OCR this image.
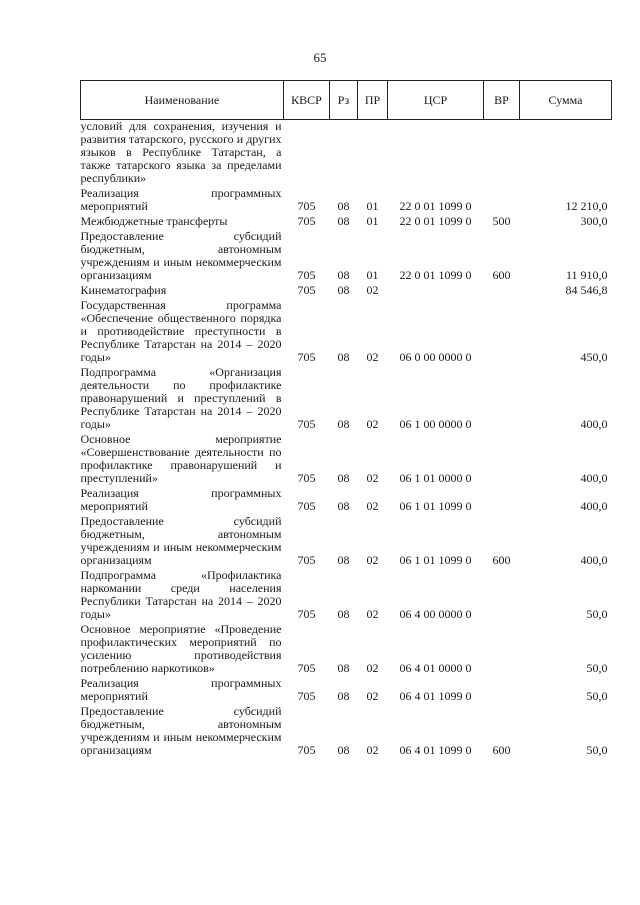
65
Наименование	КВСР	Рз	ПР	ЦСР	ВР	Сумма
условий для сохранения, изучения и развития татарского, русского и других языков в Республике Татарстан, а также татарского языка за пределами республики»						
Реализация программных мероприятий	705	08	01	22 0 01 1099 0		12 210,0
Межбюджетные трансферты	705	08	01	22 0 01 1099 0	500	300,0
Предоставление субсидий бюджетным, автономным учреждениям и иным некоммерческим организациям	705	08	01	22 0 01 1099 0	600	11 910,0
Кинематография	705	08	02			84 546,8
Государственная программа «Обеспечение общественного порядка и противодействие преступности в Республике Татарстан на 2014 – 2020 годы»	705	08	02	06 0 00 0000 0		450,0
Подпрограмма «Организация деятельности по профилактике правонарушений и преступлений в Республике Татарстан на 2014 – 2020 годы»	705	08	02	06 1 00 0000 0		400,0
Основное мероприятие «Совершенствование деятельности по профилактике правонарушений и преступлений»	705	08	02	06 1 01 0000 0		400,0
Реализация программных мероприятий	705	08	02	06 1 01 1099 0		400,0
Предоставление субсидий бюджетным, автономным учреждениям и иным некоммерческим организациям	705	08	02	06 1 01 1099 0	600	400,0
Подпрограмма «Профилактика наркомании среди населения Республики Татарстан на 2014 – 2020 годы»	705	08	02	06 4 00 0000 0		50,0
Основное мероприятие «Проведение профилактических мероприятий по усилению противодействия потреблению наркотиков»	705	08	02	06 4 01 0000 0		50,0
Реализация программных мероприятий	705	08	02	06 4 01 1099 0		50,0
Предоставление субсидий бюджетным, автономным учреждениям и иным некоммерческим организациям	705	08	02	06 4 01 1099 0	600	50,0
